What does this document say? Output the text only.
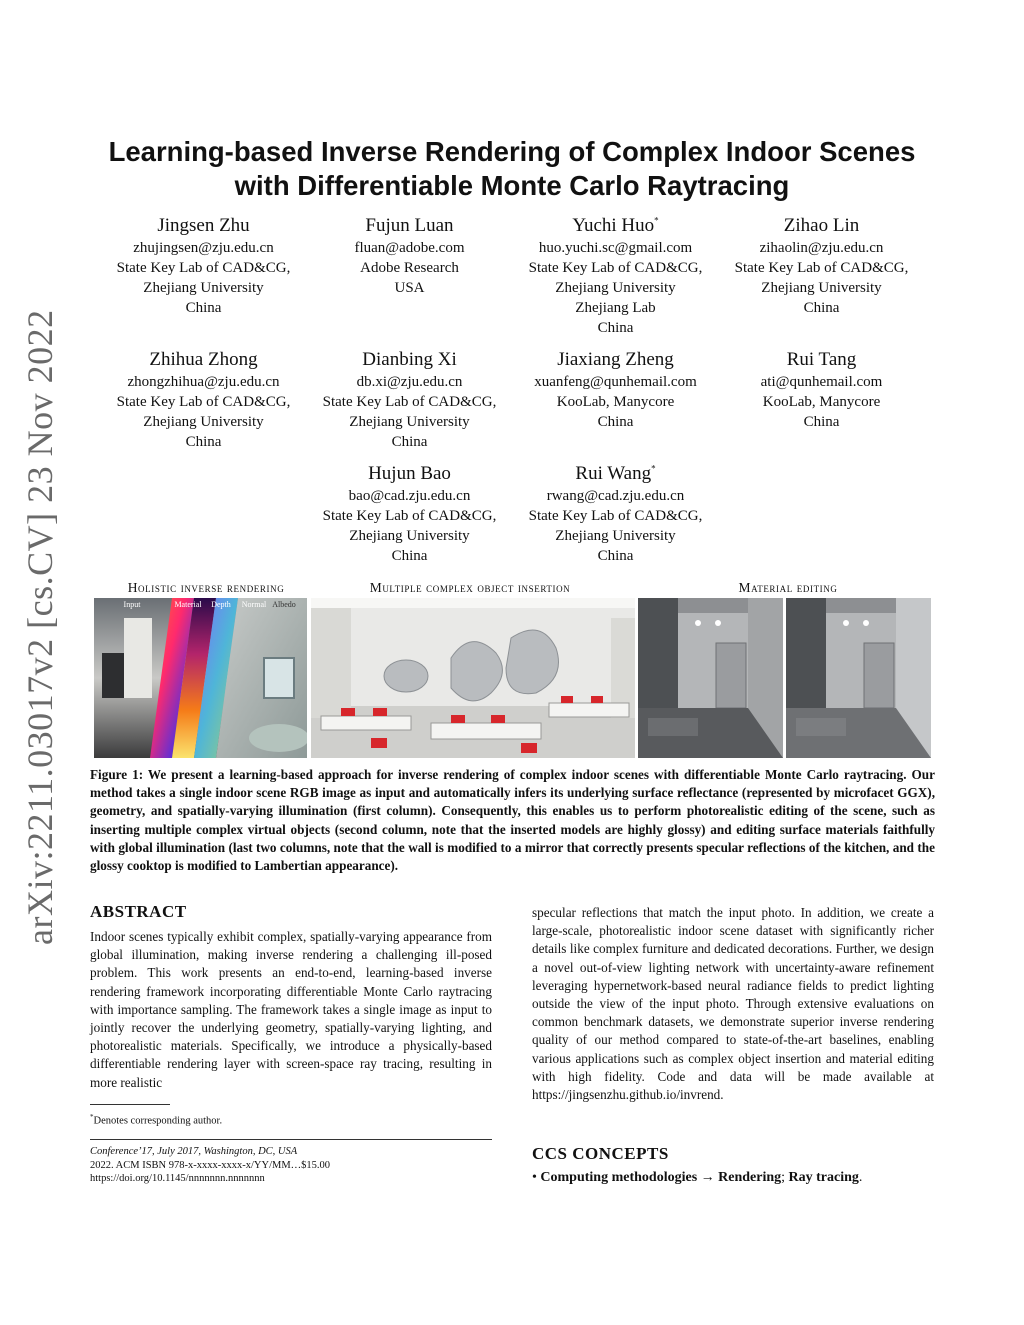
arXiv:2211.03017v2 [cs.CV] 23 Nov 2022
Learning-based Inverse Rendering of Complex Indoor Scenes
with Differentiable Monte Carlo Raytracing
Jingsen Zhu
zhujingsen@zju.edu.cn
State Key Lab of CAD&CG,
Zhejiang University
China
Fujun Luan
fluan@adobe.com
Adobe Research
USA
Yuchi Huo*
huo.yuchi.sc@gmail.com
State Key Lab of CAD&CG,
Zhejiang University
Zhejiang Lab
China
Zihao Lin
zihaolin@zju.edu.cn
State Key Lab of CAD&CG,
Zhejiang University
China
Zhihua Zhong
zhongzhihua@zju.edu.cn
State Key Lab of CAD&CG,
Zhejiang University
China
Dianbing Xi
db.xi@zju.edu.cn
State Key Lab of CAD&CG,
Zhejiang University
China
Jiaxiang Zheng
xuanfeng@qunhemail.com
KooLab, Manycore
China
Rui Tang
ati@qunhemail.com
KooLab, Manycore
China
Hujun Bao
bao@cad.zju.edu.cn
State Key Lab of CAD&CG,
Zhejiang University
China
Rui Wang*
rwang@cad.zju.edu.cn
State Key Lab of CAD&CG,
Zhejiang University
China
Holistic inverse rendering	Multiple complex object insertion	Material editing
Input	Material Depth Normal Albedo
Figure 1: We present a learning-based approach for inverse rendering of complex indoor scenes with differentiable Monte Carlo raytracing. Our method takes a single indoor scene RGB image as input and automatically infers its underlying surface reflectance (represented by microfacet GGX), geometry, and spatially-varying illumination (first column). Consequently, this enables us to perform photorealistic editing of the scene, such as inserting multiple complex virtual objects (second column, note that the inserted models are highly glossy) and editing surface materials faithfully with global illumination (last two columns, note that the wall is modified to a mirror that correctly presents specular reflections of the kitchen, and the glossy cooktop is modified to Lambertian appearance).
ABSTRACT
Indoor scenes typically exhibit complex, spatially-varying appearance from global illumination, making inverse rendering a challenging ill-posed problem. This work presents an end-to-end, learning-based inverse rendering framework incorporating differentiable Monte Carlo raytracing with importance sampling. The framework takes a single image as input to jointly recover the underlying geometry, spatially-varying lighting, and photorealistic materials. Specifically, we introduce a physically-based differentiable rendering layer with screen-space ray tracing, resulting in more realistic
specular reflections that match the input photo. In addition, we create a large-scale, photorealistic indoor scene dataset with significantly richer details like complex furniture and dedicated decorations. Further, we design a novel out-of-view lighting network with uncertainty-aware refinement leveraging hypernetwork-based neural radiance fields to predict lighting outside the view of the input photo. Through extensive evaluations on common benchmark datasets, we demonstrate superior inverse rendering quality of our method compared to state-of-the-art baselines, enabling various applications such as complex object insertion and material editing with high fidelity. Code and data will be made available at https://jingsenzhu.github.io/invrend.
*Denotes corresponding author.
Conference’17, July 2017, Washington, DC, USA
2022. ACM ISBN 978-x-xxxx-xxxx-x/YY/MM…$15.00
https://doi.org/10.1145/nnnnnnn.nnnnnnn
CCS CONCEPTS
• Computing methodologies → Rendering; Ray tracing.
